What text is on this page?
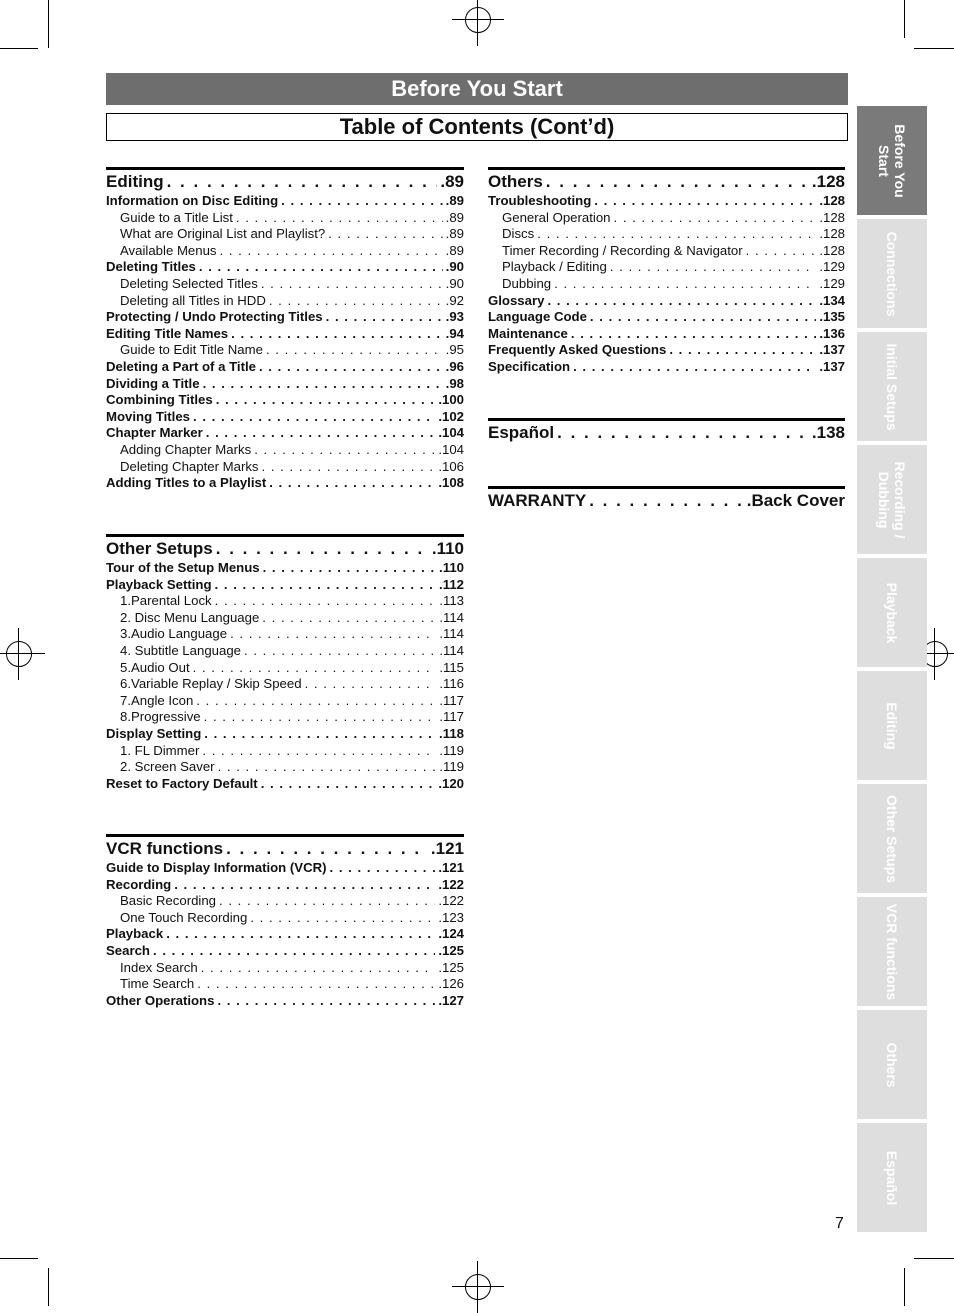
Before You Start
Table of Contents (Cont’d)
Editing . . .	.89
Information on Disc Editing . . .	.89
Guide to a Title List . . .	.89
What are Original List and Playlist? . . .	.89
Available Menus . . .	.89
Deleting Titles . . .	.90
Deleting Selected Titles . . .	.90
Deleting all Titles in HDD . . .	.92
Protecting / Undo Protecting Titles . . .	.93
Editing Title Names . . .	.94
Guide to Edit Title Name . . .	.95
Deleting a Part of a Title . . .	.96
Dividing a Title . . .	.98
Combining Titles . . .	.100
Moving Titles . . .	.102
Chapter Marker . . .	.104
Adding Chapter Marks . . .	.104
Deleting Chapter Marks . . .	.106
Adding Titles to a Playlist . . .	.108
Other Setups . . .	.110
Tour of the Setup Menus . . .	.110
Playback Setting . . .	.112
1.Parental Lock . . .	.113
2. Disc Menu Language . . .	.114
3.Audio Language . . .	.114
4. Subtitle Language . . .	.114
5.Audio Out . . .	.115
6.Variable Replay / Skip Speed . . .	.116
7.Angle Icon . . .	.117
8.Progressive . . .	.117
Display Setting . . .	.118
1. FL Dimmer . . .	.119
2. Screen Saver . . .	.119
Reset to Factory Default . . .	.120
VCR functions . . .	.121
Guide to Display Information (VCR) . . .	.121
Recording . . .	.122
Basic Recording . . .	.122
One Touch Recording . . .	.123
Playback . . .	.124
Search . . .	.125
Index Search . . .	.125
Time Search . . .	.126
Other Operations . . .	.127
Others . . .	.128
Troubleshooting . . .	.128
General Operation . . .	.128
Discs . . .	.128
Timer Recording / Recording & Navigator . . .	.128
Playback / Editing . . .	.129
Dubbing . . .	.129
Glossary . . .	.134
Language Code . . .	.135
Maintenance . . .	.136
Frequently Asked Questions . . .	.137
Specification . . .	.137
Español . . .	.138
WARRANTY . . .	.Back Cover
Before You
Start
Connections
Initial Setups
Recording /
Dubbing
Playback
Editing
Other Setups
VCR functions
Others
Español
7
